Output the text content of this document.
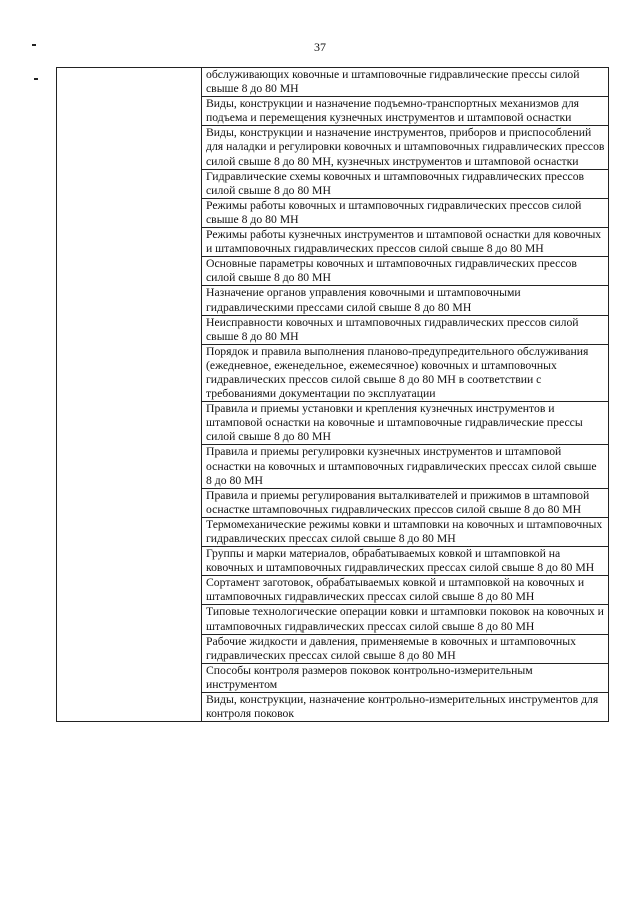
37
	обслуживающих ковочные и штамповочные гидравлические прессы силой свыше 8 до 80 МН
Виды, конструкции и назначение подъемно-транспортных механизмов для подъема и перемещения кузнечных инструментов и штамповой оснастки
Виды, конструкции и назначение инструментов, приборов и приспособлений для наладки и регулировки ковочных и штамповочных гидравлических прессов силой свыше 8 до 80 МН, кузнечных инструментов и штамповой оснастки
Гидравлические схемы ковочных и штамповочных гидравлических прессов силой свыше 8 до 80 МН
Режимы работы ковочных и штамповочных гидравлических прессов силой свыше 8 до 80 МН
Режимы работы кузнечных инструментов и штамповой оснастки для ковочных и штамповочных гидравлических прессов силой свыше 8 до 80 МН
Основные параметры ковочных и штамповочных гидравлических прессов силой свыше 8 до 80 МН
Назначение органов управления ковочными и штамповочными гидравлическими прессами силой свыше 8 до 80 МН
Неисправности ковочных и штамповочных гидравлических прессов силой свыше 8 до 80 МН
Порядок и правила выполнения планово-предупредительного обслуживания (ежедневное, еженедельное, ежемесячное) ковочных и штамповочных гидравлических прессов силой свыше 8 до 80 МН в соответствии с требованиями документации по эксплуатации
Правила и приемы установки и крепления кузнечных инструментов и штамповой оснастки на ковочные и штамповочные гидравлические прессы силой свыше 8 до 80 МН
Правила и приемы регулировки кузнечных инструментов и штамповой оснастки на ковочных и штамповочных гидравлических прессах силой свыше 8 до 80 МН
Правила и приемы регулирования выталкивателей и прижимов в штамповой оснастке штамповочных гидравлических прессов силой свыше 8 до 80 МН
Термомеханические режимы ковки и штамповки на ковочных и штамповочных гидравлических прессах силой свыше 8 до 80 МН
Группы и марки материалов, обрабатываемых ковкой и штамповкой на ковочных и штамповочных гидравлических прессах силой свыше 8 до 80 МН
Сортамент заготовок, обрабатываемых ковкой и штамповкой на ковочных и штамповочных гидравлических прессах силой свыше 8 до 80 МН
Типовые технологические операции ковки и штамповки поковок на ковочных и штамповочных гидравлических прессах силой свыше 8 до 80 МН
Рабочие жидкости и давления, применяемые в ковочных и штамповочных гидравлических прессах силой свыше 8 до 80 МН
Способы контроля размеров поковок контрольно-измерительным инструментом
Виды, конструкции, назначение контрольно-измерительных инструментов для контроля поковок
